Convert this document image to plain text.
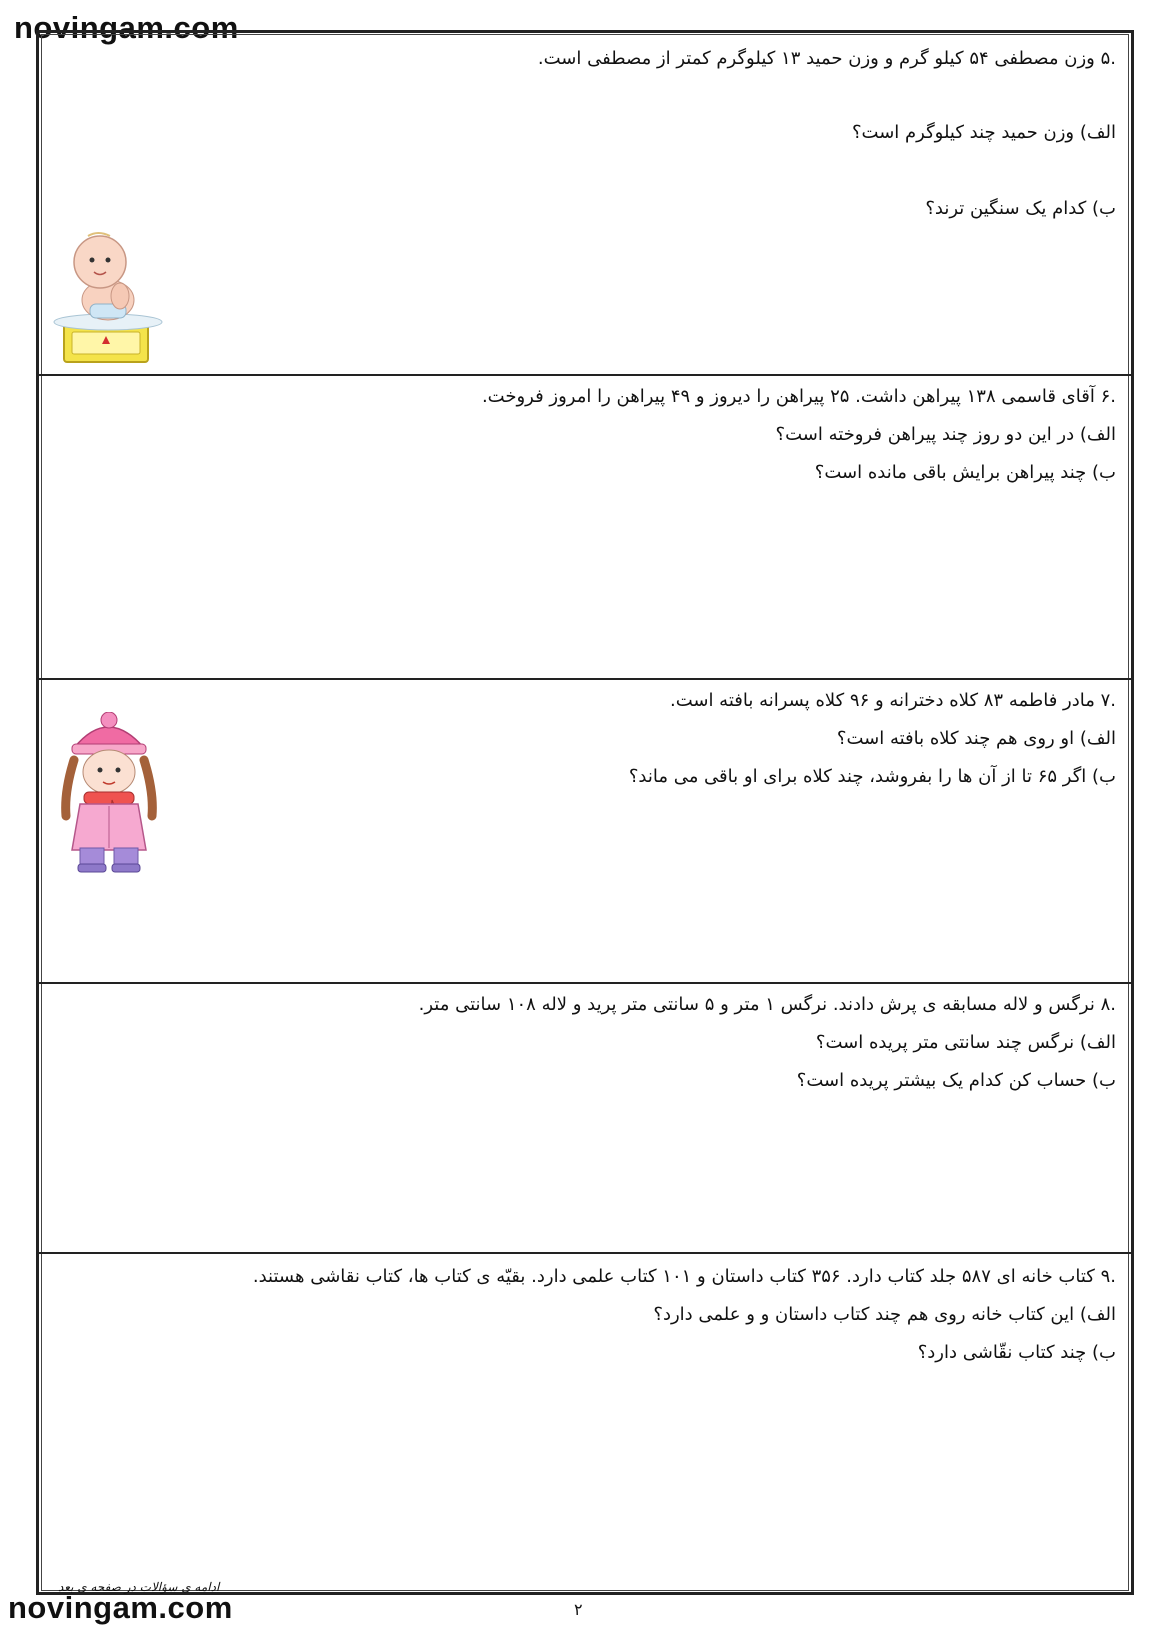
novingam.com
.۵ وزن مصطفی ۵۴ کیلو گرم و وزن حمید ۱۳ کیلوگرم کمتر از مصطفی است.
الف) وزن حمید چند کیلوگرم است؟
ب) کدام یک سنگین ترند؟
.۶ آقای قاسمی ۱۳۸ پیراهن داشت. ۲۵ پیراهن را دیروز و ۴۹ پیراهن را امروز فروخت.
الف) در این دو روز چند پیراهن فروخته است؟
ب) چند پیراهن برایش باقی مانده است؟
.۷ مادر فاطمه ۸۳ کلاه دخترانه و ۹۶ کلاه پسرانه بافته است.
الف) او روی هم چند کلاه بافته است؟
ب) اگر ۶۵ تا از آن ها را بفروشد، چند کلاه برای او باقی می ماند؟
.۸ نرگس و لاله مسابقه ی پرش دادند. نرگس ۱ متر و ۵ سانتی متر پرید و لاله ۱۰۸ سانتی متر.
الف) نرگس چند سانتی متر پریده است؟
ب) حساب کن کدام یک بیشتر پریده است؟
.۹ کتاب خانه ای ۵۸۷ جلد کتاب دارد. ۳۵۶ کتاب داستان و ۱۰۱ کتاب علمی دارد. بقیّه ی کتاب ها، کتاب نقاشی هستند.
الف) این کتاب خانه روی هم چند کتاب داستان و و علمی دارد؟
ب) چند کتاب نقّاشی دارد؟
ادامه ی سؤالات در صفحه ی بعد
۲
novingam.com
